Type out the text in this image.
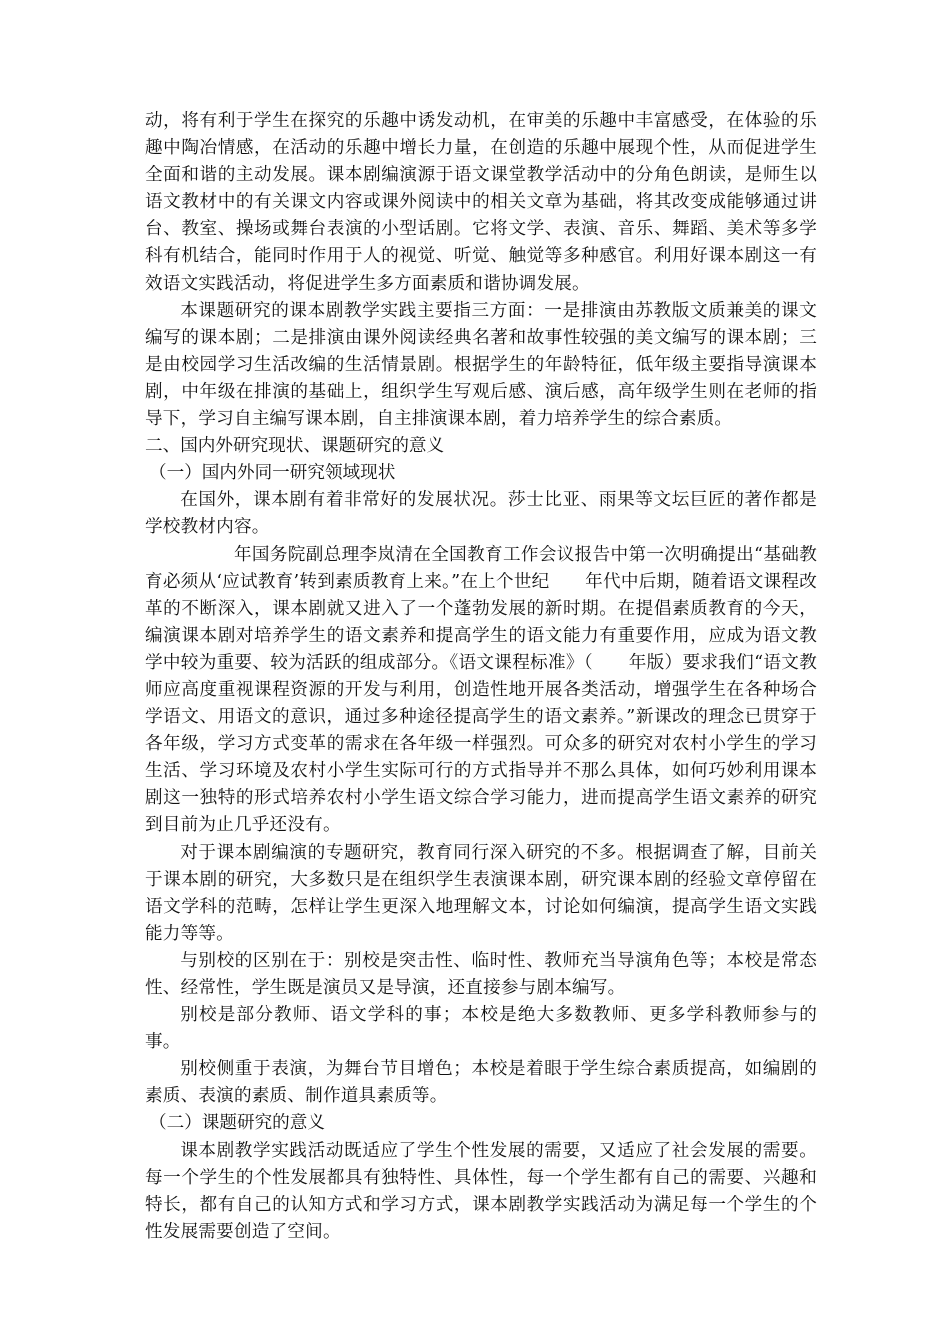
动，将有利于学生在探究的乐趣中诱发动机，在审美的乐趣中丰富感受，在体验的乐趣中陶冶情感，在活动的乐趣中增长力量，在创造的乐趣中展现个性，从而促进学生全面和谐的主动发展。课本剧编演源于语文课堂教学活动中的分角色朗读，是师生以语文教材中的有关课文内容或课外阅读中的相关文章为基础，将其改变成能够通过讲台、教室、操场或舞台表演的小型话剧。它将文学、表演、音乐、舞蹈、美术等多学科有机结合，能同时作用于人的视觉、听觉、触觉等多种感官。利用好课本剧这一有效语文实践活动，将促进学生多方面素质和谐协调发展。

本课题研究的课本剧教学实践主要指三方面：一是排演由苏教版文质兼美的课文编写的课本剧；二是排演由课外阅读经典名著和故事性较强的美文编写的课本剧；三是由校园学习生活改编的生活情景剧。根据学生的年龄特征，低年级主要指导演课本剧，中年级在排演的基础上，组织学生写观后感、演后感，高年级学生则在老师的指导下，学习自主编写课本剧，自主排演课本剧，着力培养学生的综合素质。

二、国内外研究现状、课题研究的意义

（一）国内外同一研究领域现状

在国外，课本剧有着非常好的发展状况。莎士比亚、雨果等文坛巨匠的著作都是学校教材内容。

　　　年国务院副总理李岚清在全国教育工作会议报告中第一次明确提出“基础教育必须从‘应试教育’转到素质教育上来。”在上个世纪　　年代中后期，随着语文课程改革的不断深入，课本剧就又进入了一个蓬勃发展的新时期。在提倡素质教育的今天，编演课本剧对培养学生的语文素养和提高学生的语文能力有重要作用，应成为语文教学中较为重要、较为活跃的组成部分。《语文课程标准》（　　年版）要求我们“语文教师应高度重视课程资源的开发与利用，创造性地开展各类活动，增强学生在各种场合学语文、用语文的意识，通过多种途径提高学生的语文素养。”新课改的理念已贯穿于各年级，学习方式变革的需求在各年级一样强烈。可众多的研究对农村小学生的学习生活、学习环境及农村小学生实际可行的方式指导并不那么具体，如何巧妙利用课本剧这一独特的形式培养农村小学生语文综合学习能力，进而提高学生语文素养的研究到目前为止几乎还没有。

对于课本剧编演的专题研究，教育同行深入研究的不多。根据调查了解，目前关于课本剧的研究，大多数只是在组织学生表演课本剧，研究课本剧的经验文章停留在语文学科的范畴，怎样让学生更深入地理解文本，讨论如何编演，提高学生语文实践能力等等。

与别校的区别在于：别校是突击性、临时性、教师充当导演角色等；本校是常态性、经常性，学生既是演员又是导演，还直接参与剧本编写。

别校是部分教师、语文学科的事；本校是绝大多数教师、更多学科教师参与的事。

别校侧重于表演，为舞台节目增色；本校是着眼于学生综合素质提高，如编剧的素质、表演的素质、制作道具素质等。

（二）课题研究的意义

课本剧教学实践活动既适应了学生个性发展的需要，又适应了社会发展的需要。每一个学生的个性发展都具有独特性、具体性，每一个学生都有自己的需要、兴趣和特长，都有自己的认知方式和学习方式，课本剧教学实践活动为满足每一个学生的个性发展需要创造了空间。
